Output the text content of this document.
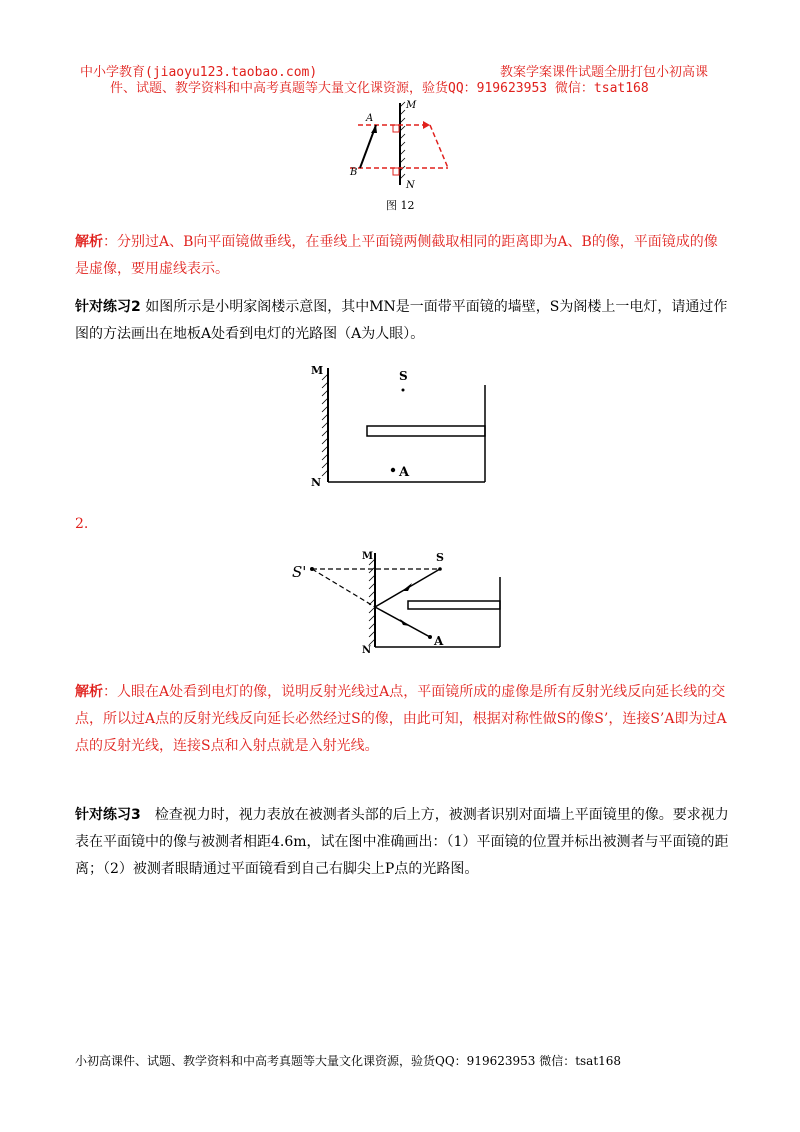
中小学教育(jiaoyu123.taobao.com)	教案学案课件试题全册打包小初高课
件、试题、教学资料和中高考真题等大量文化课资源，验货QQ：919623953 微信：tsat168
A
B
M
N
图 12
解析：分别过A、B向平面镜做垂线，在垂线上平面镜两侧截取相同的距离即为A、B的像，平面镜成的像是虚像，要用虚线表示。
针对练习2 如图所示是小明家阁楼示意图，其中MN是一面带平面镜的墙壁，S为阁楼上一电灯，请通过作图的方法画出在地板A处看到电灯的光路图（A为人眼）。
M
N
S
A
2.
M
N
S
A
S'
解析：人眼在A处看到电灯的像，说明反射光线过A点，平面镜所成的虚像是所有反射光线反向延长线的交点，所以过A点的反射光线反向延长必然经过S的像，由此可知，根据对称性做S的像S’，连接S’A即为过A点的反射光线，连接S点和入射点就是入射光线。
针对练习3　检查视力时，视力表放在被测者头部的后上方，被测者识别对面墙上平面镜里的像。要求视力表在平面镜中的像与被测者相距4.6m，试在图中准确画出：（1）平面镜的位置并标出被测者与平面镜的距离；（2）被测者眼睛通过平面镜看到自己右脚尖上P点的光路图。
小初高课件、试题、教学资料和中高考真题等大量文化课资源，验货QQ：919623953 微信：tsat168
